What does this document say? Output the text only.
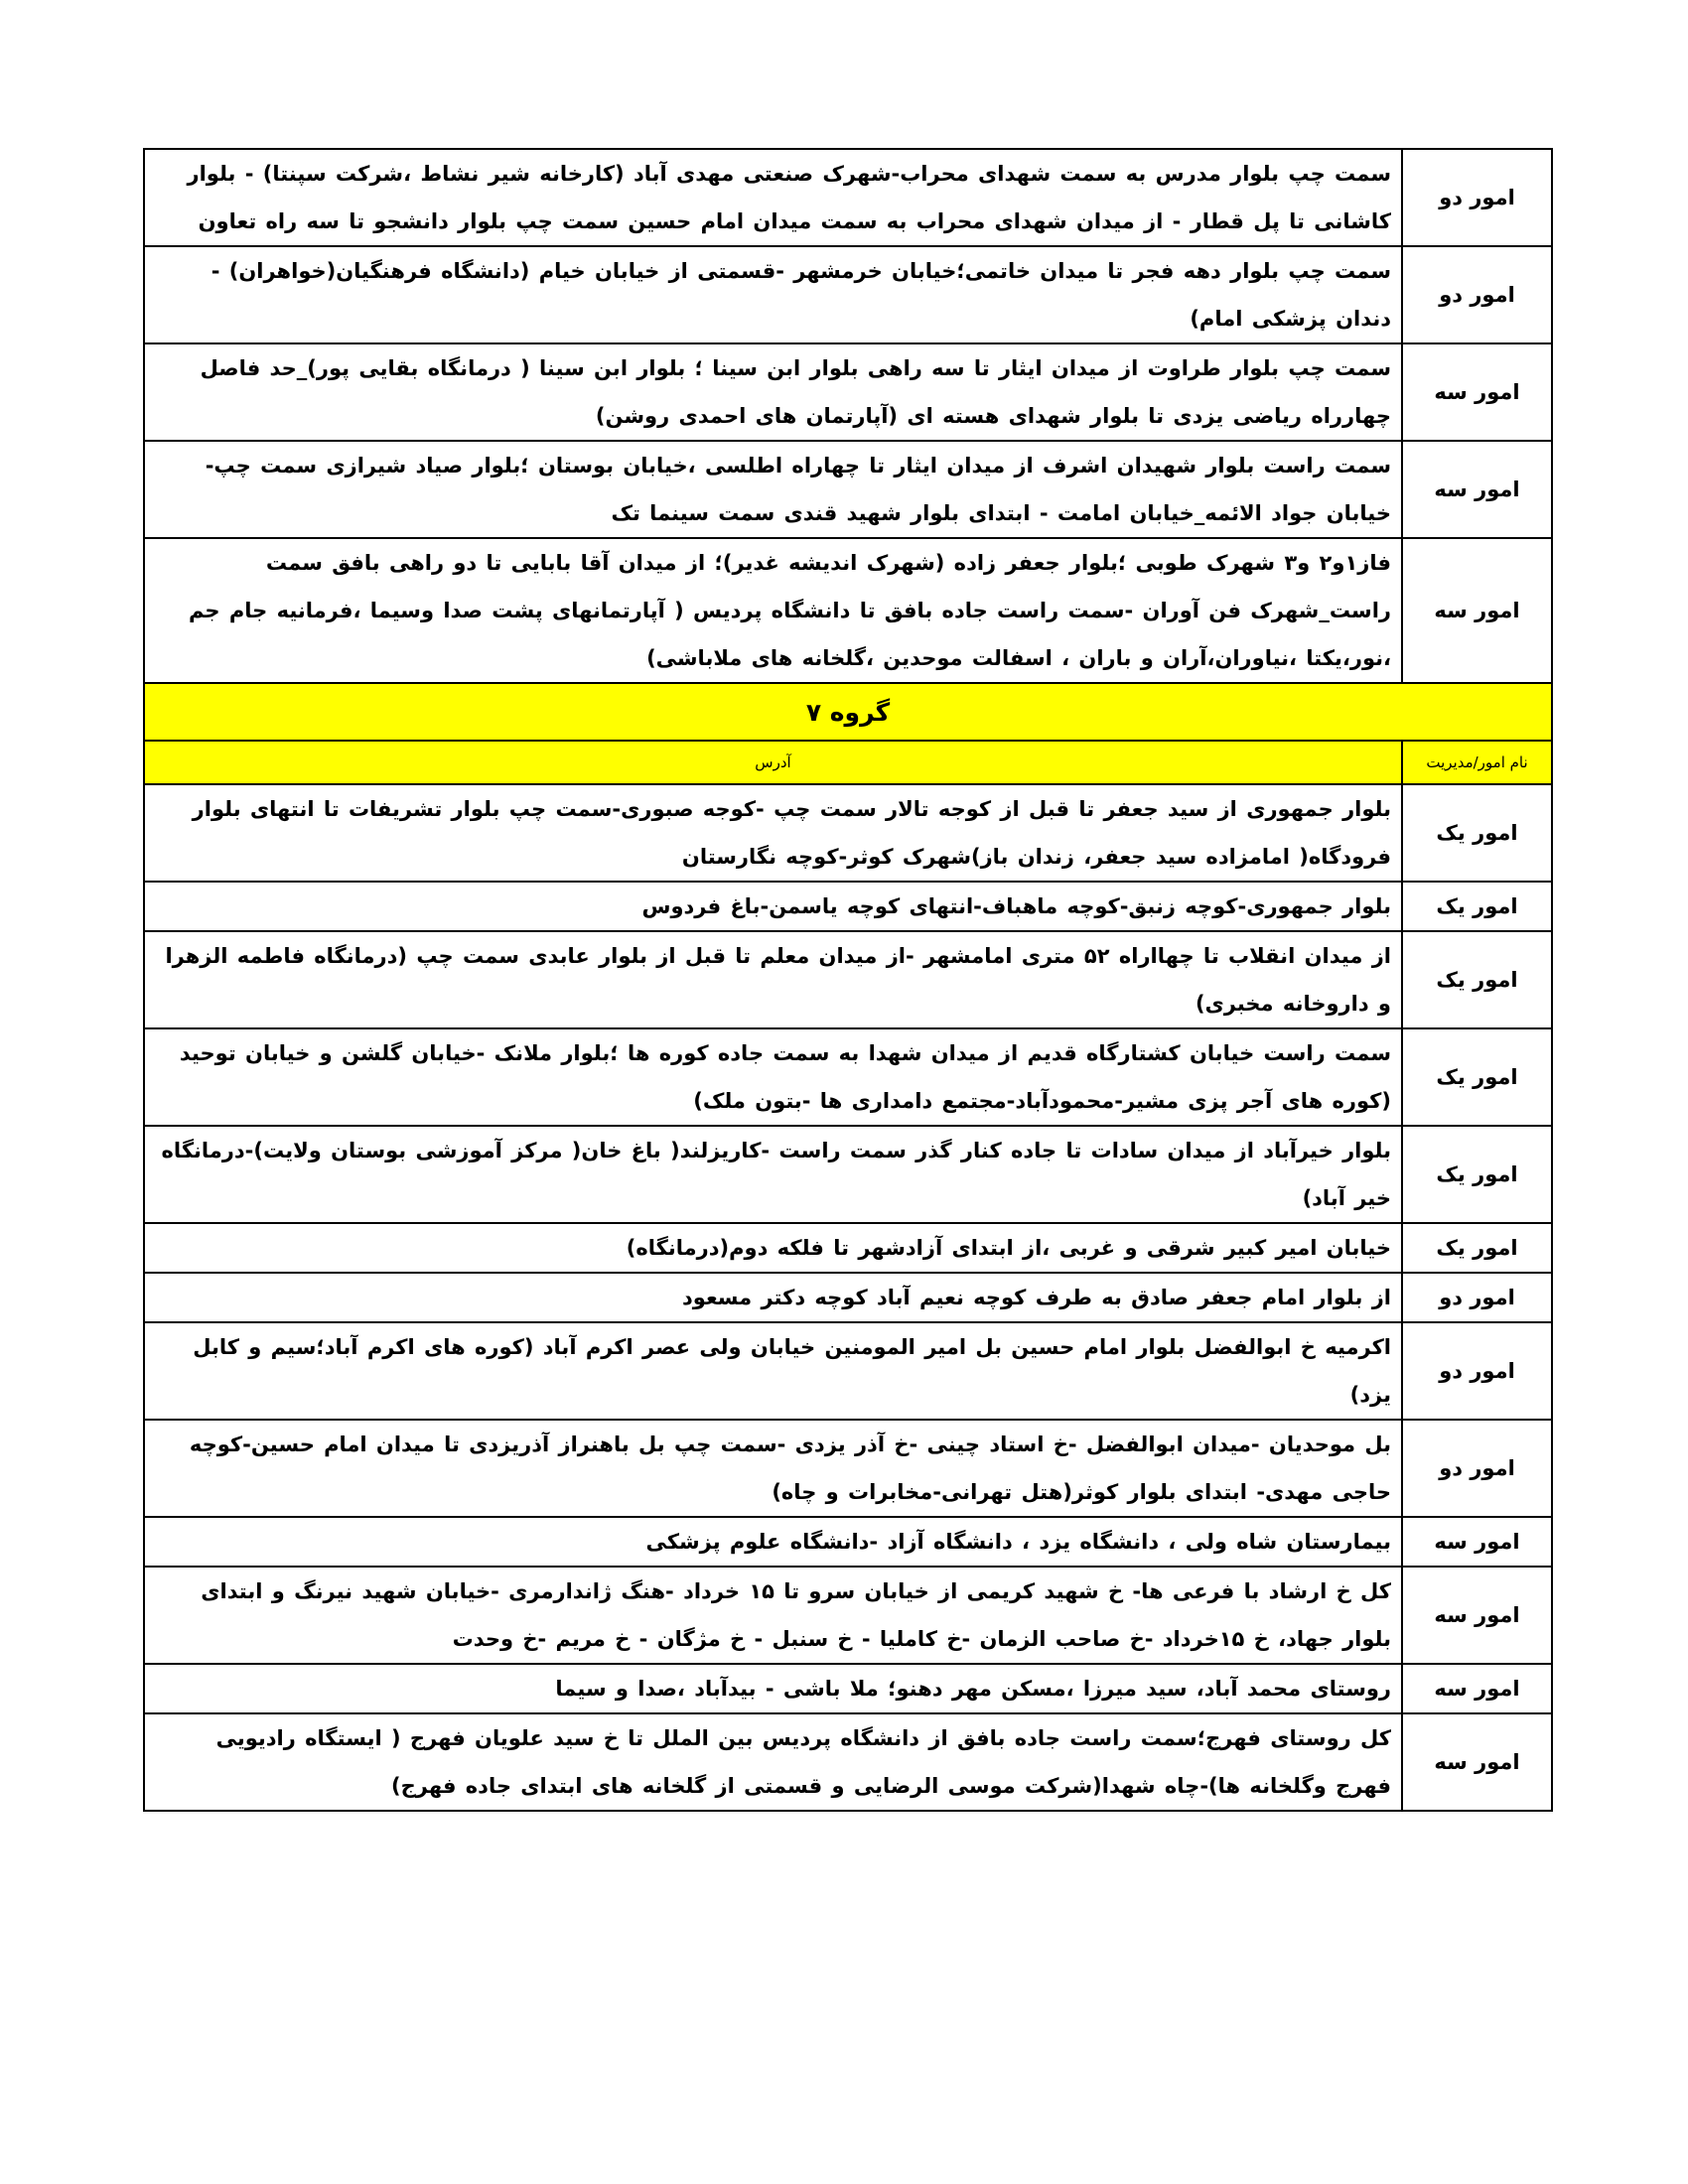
امور دو	سمت چپ بلوار مدرس به سمت شهدای محراب-شهرک صنعتی مهدی آباد (کارخانه شیر نشاط ،شرکت سپنتا) - بلوار کاشانی تا پل قطار - از میدان شهدای محراب به سمت میدان امام حسین سمت چپ بلوار دانشجو تا سه راه تعاون
امور دو	سمت چپ بلوار دهه فجر تا میدان خاتمی؛خیابان خرمشهر -قسمتی از خیابان خیام (دانشگاه فرهنگیان(خواهران) - دندان پزشکی امام)
امور سه	سمت چپ بلوار طراوت از میدان ایثار تا سه راهی بلوار ابن سینا ؛ بلوار ابن سینا ( درمانگاه بقایی پور)_حد فاصل چهارراه ریاضی یزدی تا بلوار شهدای هسته ای (آپارتمان های احمدی روشن)
امور سه	سمت راست بلوار شهیدان اشرف از میدان ایثار تا چهاراه اطلسی ،خیابان بوستان ؛بلوار صیاد شیرازی سمت چپ-خیابان جواد الائمه_خیابان امامت - ابتدای بلوار شهید قندی سمت سینما تک
امور سه	فاز۱و۲ و۳ شهرک طوبی ؛بلوار جعفر زاده (شهرک اندیشه غدیر)؛ از میدان آقا بابایی تا دو راهی بافق سمت راست_شهرک فن آوران -سمت راست جاده بافق تا دانشگاه پردیس ( آپارتمانهای پشت صدا وسیما ،فرمانیه جام جم ،نور،یکتا ،نیاوران،آران و باران ، اسفالت موحدین ،گلخانه های ملاباشی)
گروه ۷	
نام امور/مدیریت	آدرس
امور یک	بلوار جمهوری از سید جعفر تا قبل از کوجه تالار سمت چپ -کوجه صبوری-سمت چپ بلوار تشریفات تا انتهای بلوار فرودگاه( امامزاده سید جعفر، زندان باز)شهرک کوثر-کوچه نگارستان
امور یک	بلوار جمهوری-کوچه زنبق-کوچه ماهباف-انتهای کوچه یاسمن-باغ فردوس
امور یک	از میدان انقلاب تا چهااراه ۵۲ متری امامشهر -از میدان معلم تا قبل از بلوار عابدی سمت چپ (درمانگاه فاطمه الزهرا و داروخانه مخبری)
امور یک	سمت راست خیابان کشتارگاه قدیم از میدان شهدا به سمت جاده کوره ها ؛بلوار ملانک -خیابان گلشن و خیابان توحید (کوره های آجر پزی مشیر-محمودآباد-مجتمع دامداری ها -بتون ملک)
امور یک	بلوار خیرآباد از میدان سادات تا جاده کنار گذر سمت راست -کاریزلند( باغ خان( مرکز آموزشی بوستان ولایت)-درمانگاه خیر آباد)
امور یک	خیابان امیر کبیر شرقی و غربی ،از ابتدای آزادشهر تا فلکه دوم(درمانگاه)
امور دو	از بلوار امام جعفر صادق به طرف کوچه نعیم آباد کوچه دکتر مسعود
امور دو	اکرمیه خ ابوالفضل بلوار امام حسین بل امیر المومنین خیابان ولی عصر اکرم آباد (کوره های اکرم آباد؛سیم و کابل یزد)
امور دو	بل موحدیان -میدان ابوالفضل -خ استاد چینی -خ آذر یزدی -سمت چپ بل باهنراز آذریزدی تا میدان امام حسین-کوچه حاجی مهدی- ابتدای بلوار کوثر(هتل تهرانی-مخابرات و چاه)
امور سه	بیمارستان شاه ولی ، دانشگاه یزد ، دانشگاه آزاد -دانشگاه علوم پزشکی
امور سه	کل خ ارشاد با فرعی ها- خ شهید کریمی از خیابان سرو تا ۱۵ خرداد -هنگ ژاندارمری -خیابان شهید نیرنگ و ابتدای بلوار جهاد، خ ۱۵خرداد -خ صاحب الزمان -خ کاملیا - خ سنبل - خ مژگان - خ مریم -خ وحدت
امور سه	روستای محمد آباد، سید میرزا ،مسکن مهر دهنو؛ ملا باشی - بیدآباد ،صدا و سیما
امور سه	کل روستای فهرج؛سمت راست جاده بافق از دانشگاه پردیس بین الملل تا خ سید علویان فهرج ( ایستگاه رادیویی فهرج وگلخانه ها)-چاه شهدا(شرکت موسی الرضایی و قسمتی از گلخانه های ابتدای جاده فهرج)
